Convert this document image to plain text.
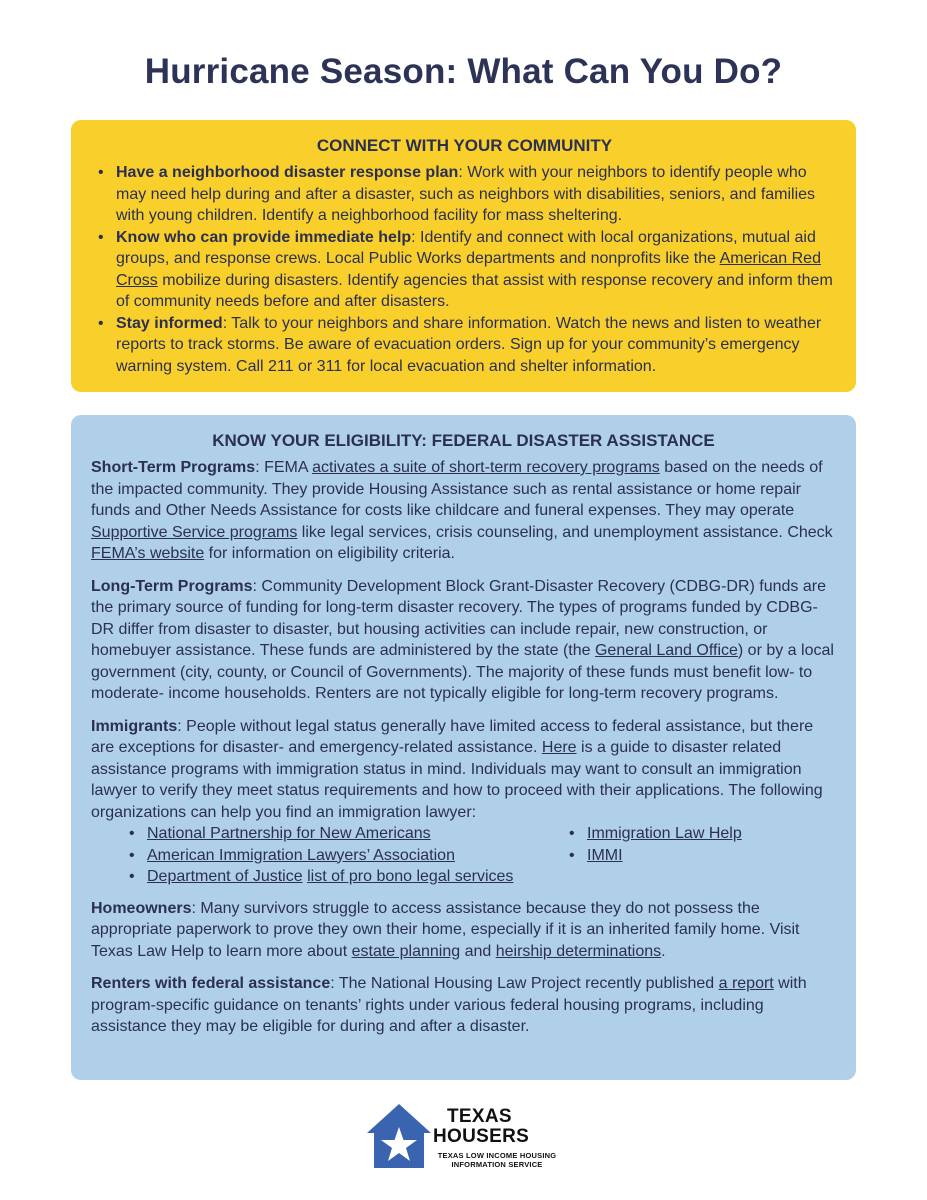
Hurricane Season: What Can You Do?
CONNECT WITH YOUR COMMUNITY
• Have a neighborhood disaster response plan: Work with your neighbors to identify people who may need help during and after a disaster, such as neighbors with disabilities, seniors, and families with young children. Identify a neighborhood facility for mass sheltering.
• Know who can provide immediate help: Identify and connect with local organizations, mutual aid groups, and response crews. Local Public Works departments and nonprofits like the American Red Cross mobilize during disasters. Identify agencies that assist with response recovery and inform them of community needs before and after disasters.
• Stay informed: Talk to your neighbors and share information. Watch the news and listen to weather reports to track storms. Be aware of evacuation orders. Sign up for your community’s emergency warning system. Call 211 or 311 for local evacuation and shelter information.
KNOW YOUR ELIGIBILITY: FEDERAL DISASTER ASSISTANCE

Short-Term Programs: FEMA activates a suite of short-term recovery programs based on the needs of the impacted community. They provide Housing Assistance such as rental assistance or home repair funds and Other Needs Assistance for costs like childcare and funeral expenses. They may operate Supportive Service programs like legal services, crisis counseling, and unemployment assistance. Check FEMA’s website for information on eligibility criteria.

Long-Term Programs: Community Development Block Grant-Disaster Recovery (CDBG-DR) funds are the primary source of funding for long-term disaster recovery. The types of programs funded by CDBG-DR differ from disaster to disaster, but housing activities can include repair, new construction, or homebuyer assistance. These funds are administered by the state (the General Land Office) or by a local government (city, county, or Council of Governments). The majority of these funds must benefit low- to moderate- income households. Renters are not typically eligible for long-term recovery programs.

Immigrants: People without legal status generally have limited access to federal assistance, but there are exceptions for disaster- and emergency-related assistance. Here is a guide to disaster related assistance programs with immigration status in mind. Individuals may want to consult an immigration lawyer to verify they meet status requirements and how to proceed with their applications. The following organizations can help you find an immigration lawyer:

• National Partnership for New Americans
• American Immigration Lawyers’ Association
• Department of Justice list of pro bono legal services
• Immigration Law Help
• IMMI

Homeowners: Many survivors struggle to access assistance because they do not possess the appropriate paperwork to prove they own their home, especially if it is an inherited family home. Visit Texas Law Help to learn more about estate planning and heirship determinations.

Renters with federal assistance: The National Housing Law Project recently published a report with program-specific guidance on tenants’ rights under various federal housing programs, including assistance they may be eligible for during and after a disaster.

TEXAS
HOUSERS
TEXAS LOW INCOME HOUSING
INFORMATION SERVICE
